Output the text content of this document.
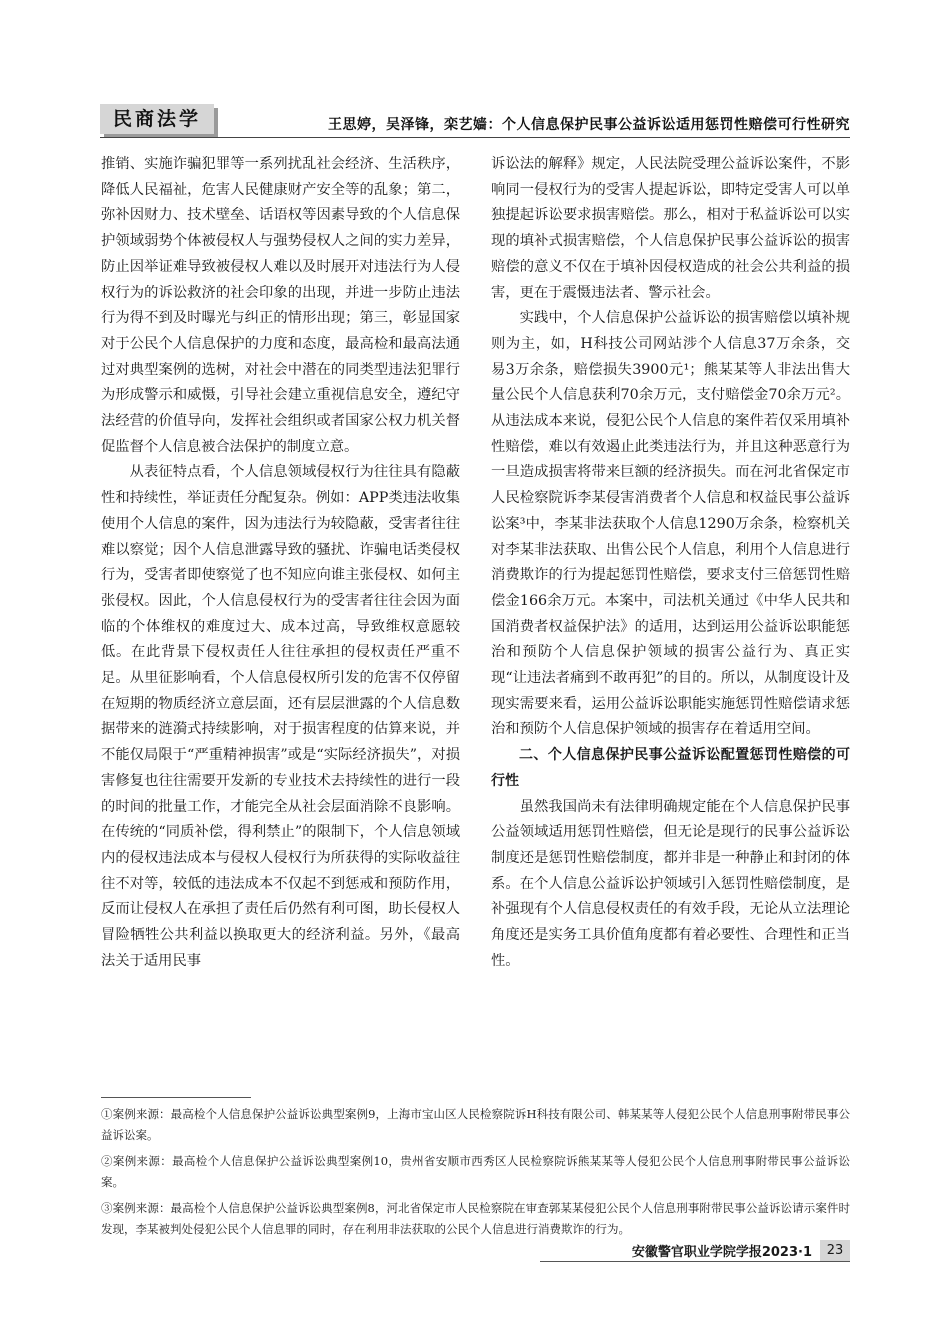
民商法学	王思婷，吴泽锋，栾艺嫱：个人信息保护民事公益诉讼适用惩罚性赔偿可行性研究

推销、实施诈骗犯罪等一系列扰乱社会经济、生活秩序，降低人民福祉，危害人民健康财产安全等的乱象；第二，弥补因财力、技术壁垒、话语权等因素导致的个人信息保护领域弱势个体被侵权人与强势侵权人之间的实力差异，防止因举证难导致被侵权人难以及时展开对违法行为人侵权行为的诉讼救济的社会印象的出现，并进一步防止违法行为得不到及时曝光与纠正的情形出现；第三，彰显国家对于公民个人信息保护的力度和态度，最高检和最高法通过对典型案例的选树，对社会中潜在的同类型违法犯罪行为形成警示和威慑，引导社会建立重视信息安全，遵纪守法经营的价值导向，发挥社会组织或者国家公权力机关督促监督个人信息被合法保护的制度立意。

从表征特点看，个人信息领域侵权行为往往具有隐蔽性和持续性，举证责任分配复杂。例如：APP类违法收集使用个人信息的案件，因为违法行为较隐蔽，受害者往往难以察觉；因个人信息泄露导致的骚扰、诈骗电话类侵权行为，受害者即使察觉了也不知应向谁主张侵权、如何主张侵权。因此，个人信息侵权行为的受害者往往会因为面临的个体维权的难度过大、成本过高，导致维权意愿较低。在此背景下侵权责任人往往承担的侵权责任严重不足。从里征影响看，个人信息侵权所引发的危害不仅停留在短期的物质经济立意层面，还有层层泄露的个人信息数据带来的涟漪式持续影响，对于损害程度的估算来说，并不能仅局限于“严重精神损害”或是“实际经济损失”，对损害修复也往往需要开发新的专业技术去持续性的进行一段的时间的批量工作，才能完全从社会层面消除不良影响。在传统的“同质补偿，得利禁止”的限制下，个人信息领域内的侵权违法成本与侵权人侵权行为所获得的实际收益往往不对等，较低的违法成本不仅起不到惩戒和预防作用，反而让侵权人在承担了责任后仍然有利可图，助长侵权人冒险牺牲公共利益以换取更大的经济利益。另外，《最高法关于适用民事

诉讼法的解释》规定，人民法院受理公益诉讼案件，不影响同一侵权行为的受害人提起诉讼，即特定受害人可以单独提起诉讼要求损害赔偿。那么，相对于私益诉讼可以实现的填补式损害赔偿，个人信息保护民事公益诉讼的损害赔偿的意义不仅在于填补因侵权造成的社会公共利益的损害，更在于震慑违法者、警示社会。

实践中，个人信息保护公益诉讼的损害赔偿以填补规则为主，如，H科技公司网站涉个人信息37万余条，交易3万余条，赔偿损失3900元¹；熊某某等人非法出售大量公民个人信息获利70余万元，支付赔偿金70余万元²。从违法成本来说，侵犯公民个人信息的案件若仅采用填补性赔偿，难以有效遏止此类违法行为，并且这种恶意行为一旦造成损害将带来巨额的经济损失。而在河北省保定市人民检察院诉李某侵害消费者个人信息和权益民事公益诉讼案³中，李某非法获取个人信息1290万余条，检察机关对李某非法获取、出售公民个人信息，利用个人信息进行消费欺诈的行为提起惩罚性赔偿，要求支付三倍惩罚性赔偿金166余万元。本案中，司法机关通过《中华人民共和国消费者权益保护法》的适用，达到运用公益诉讼职能惩治和预防个人信息保护领域的损害公益行为、真正实现“让违法者痛到不敢再犯”的目的。所以，从制度设计及现实需要来看，运用公益诉讼职能实施惩罚性赔偿请求惩治和预防个人信息保护领域的损害存在着适用空间。

二、个人信息保护民事公益诉讼配置惩罚性赔偿的可行性

虽然我国尚未有法律明确规定能在个人信息保护民事公益领域适用惩罚性赔偿，但无论是现行的民事公益诉讼制度还是惩罚性赔偿制度，都并非是一种静止和封闭的体系。在个人信息公益诉讼护领域引入惩罚性赔偿制度，是补强现有个人信息侵权责任的有效手段，无论从立法理论角度还是实务工具价值角度都有着必要性、合理性和正当性。

①案例来源：最高检个人信息保护公益诉讼典型案例9，上海市宝山区人民检察院诉H科技有限公司、韩某某等人侵犯公民个人信息刑事附带民事公益诉讼案。

②案例来源：最高检个人信息保护公益诉讼典型案例10，贵州省安顺市西秀区人民检察院诉熊某某等人侵犯公民个人信息刑事附带民事公益诉讼案。

③案例来源：最高检个人信息保护公益诉讼典型案例8，河北省保定市人民检察院在审查郭某某侵犯公民个人信息刑事附带民事公益诉讼请示案件时发现，李某被判处侵犯公民个人信息罪的同时，存在利用非法获取的公民个人信息进行消费欺诈的行为。

安徽警官职业学院学报2023·1	23
